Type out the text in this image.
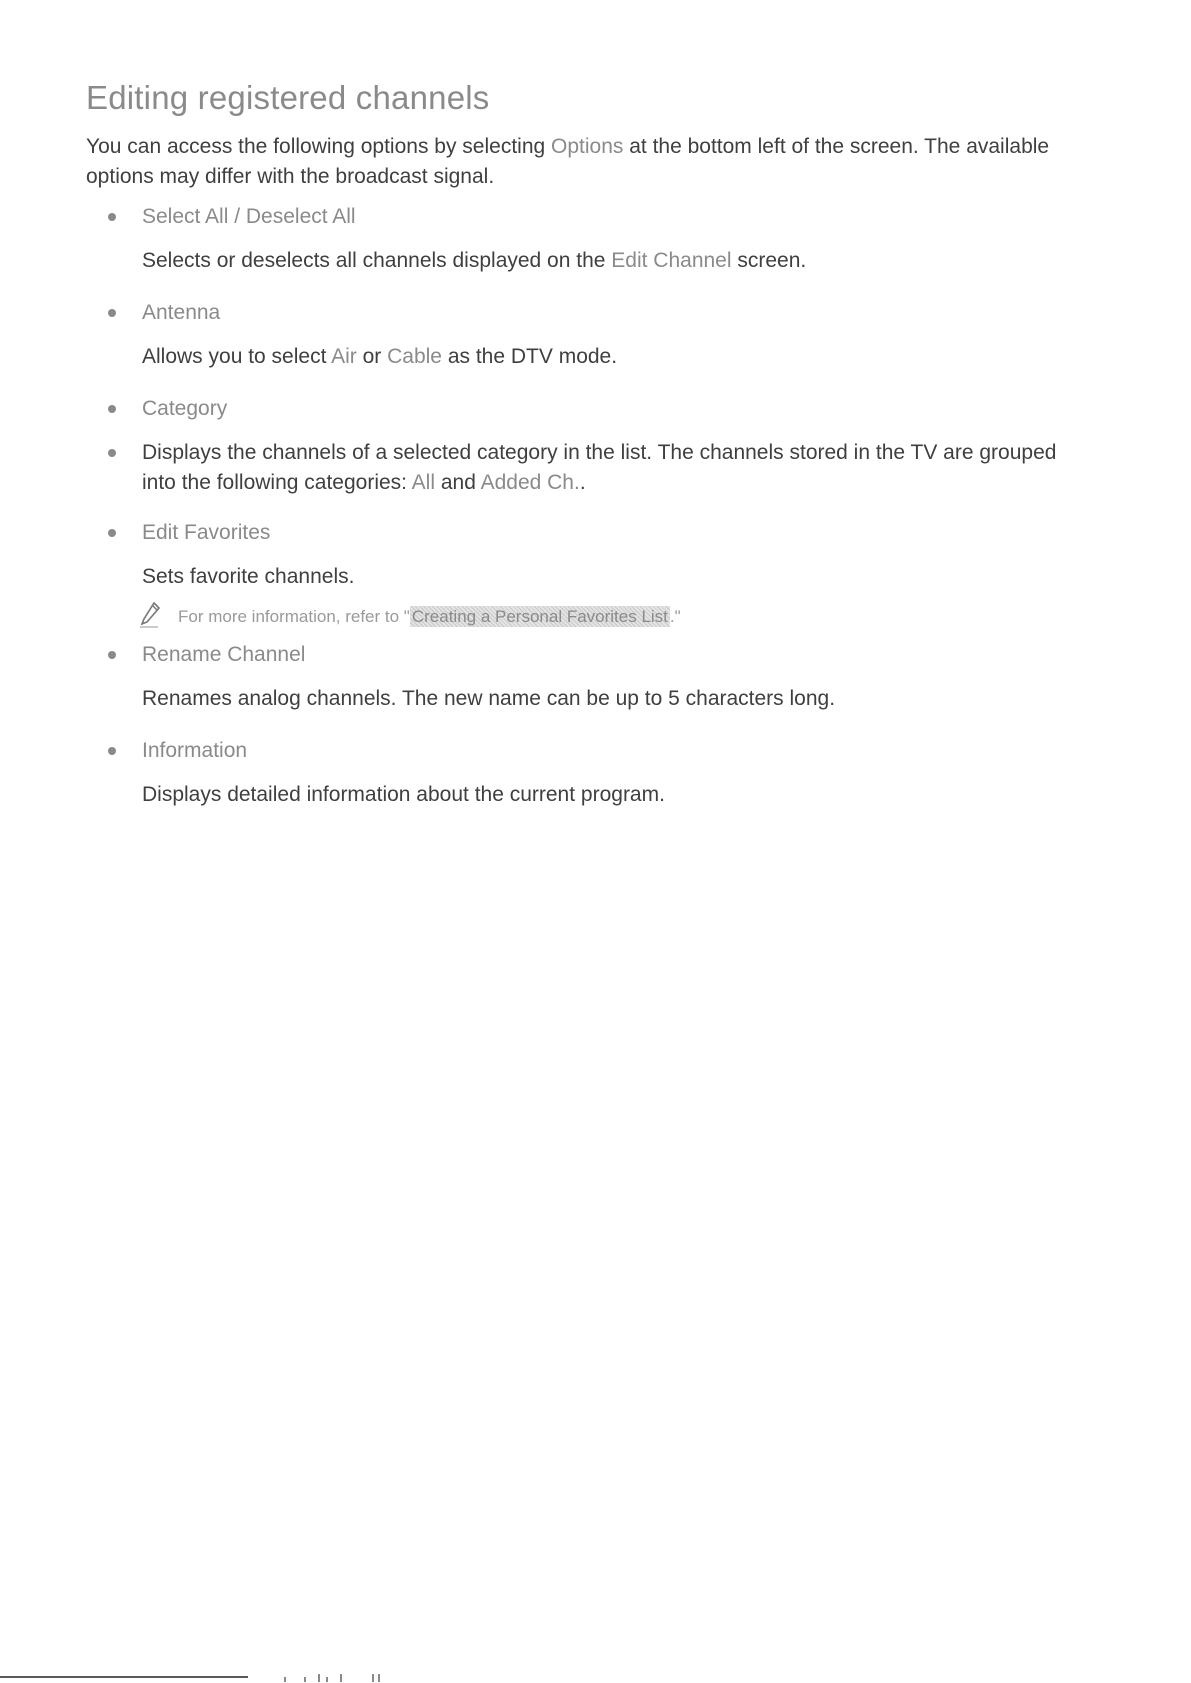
Editing registered channels

You can access the following options by selecting Options at the bottom left of the screen. The available options may differ with the broadcast signal.

Select All / Deselect All

Selects or deselects all channels displayed on the Edit Channel screen.

Antenna

Allows you to select Air or Cable as the DTV mode.

Category

Displays the channels of a selected category in the list. The channels stored in the TV are grouped into the following categories: All and Added Ch..

Edit Favorites

Sets favorite channels.

For more information, refer to " Creating a Personal Favorites List ."

Rename Channel

Renames analog channels. The new name can be up to 5 characters long.

Information

Displays detailed information about the current program.
